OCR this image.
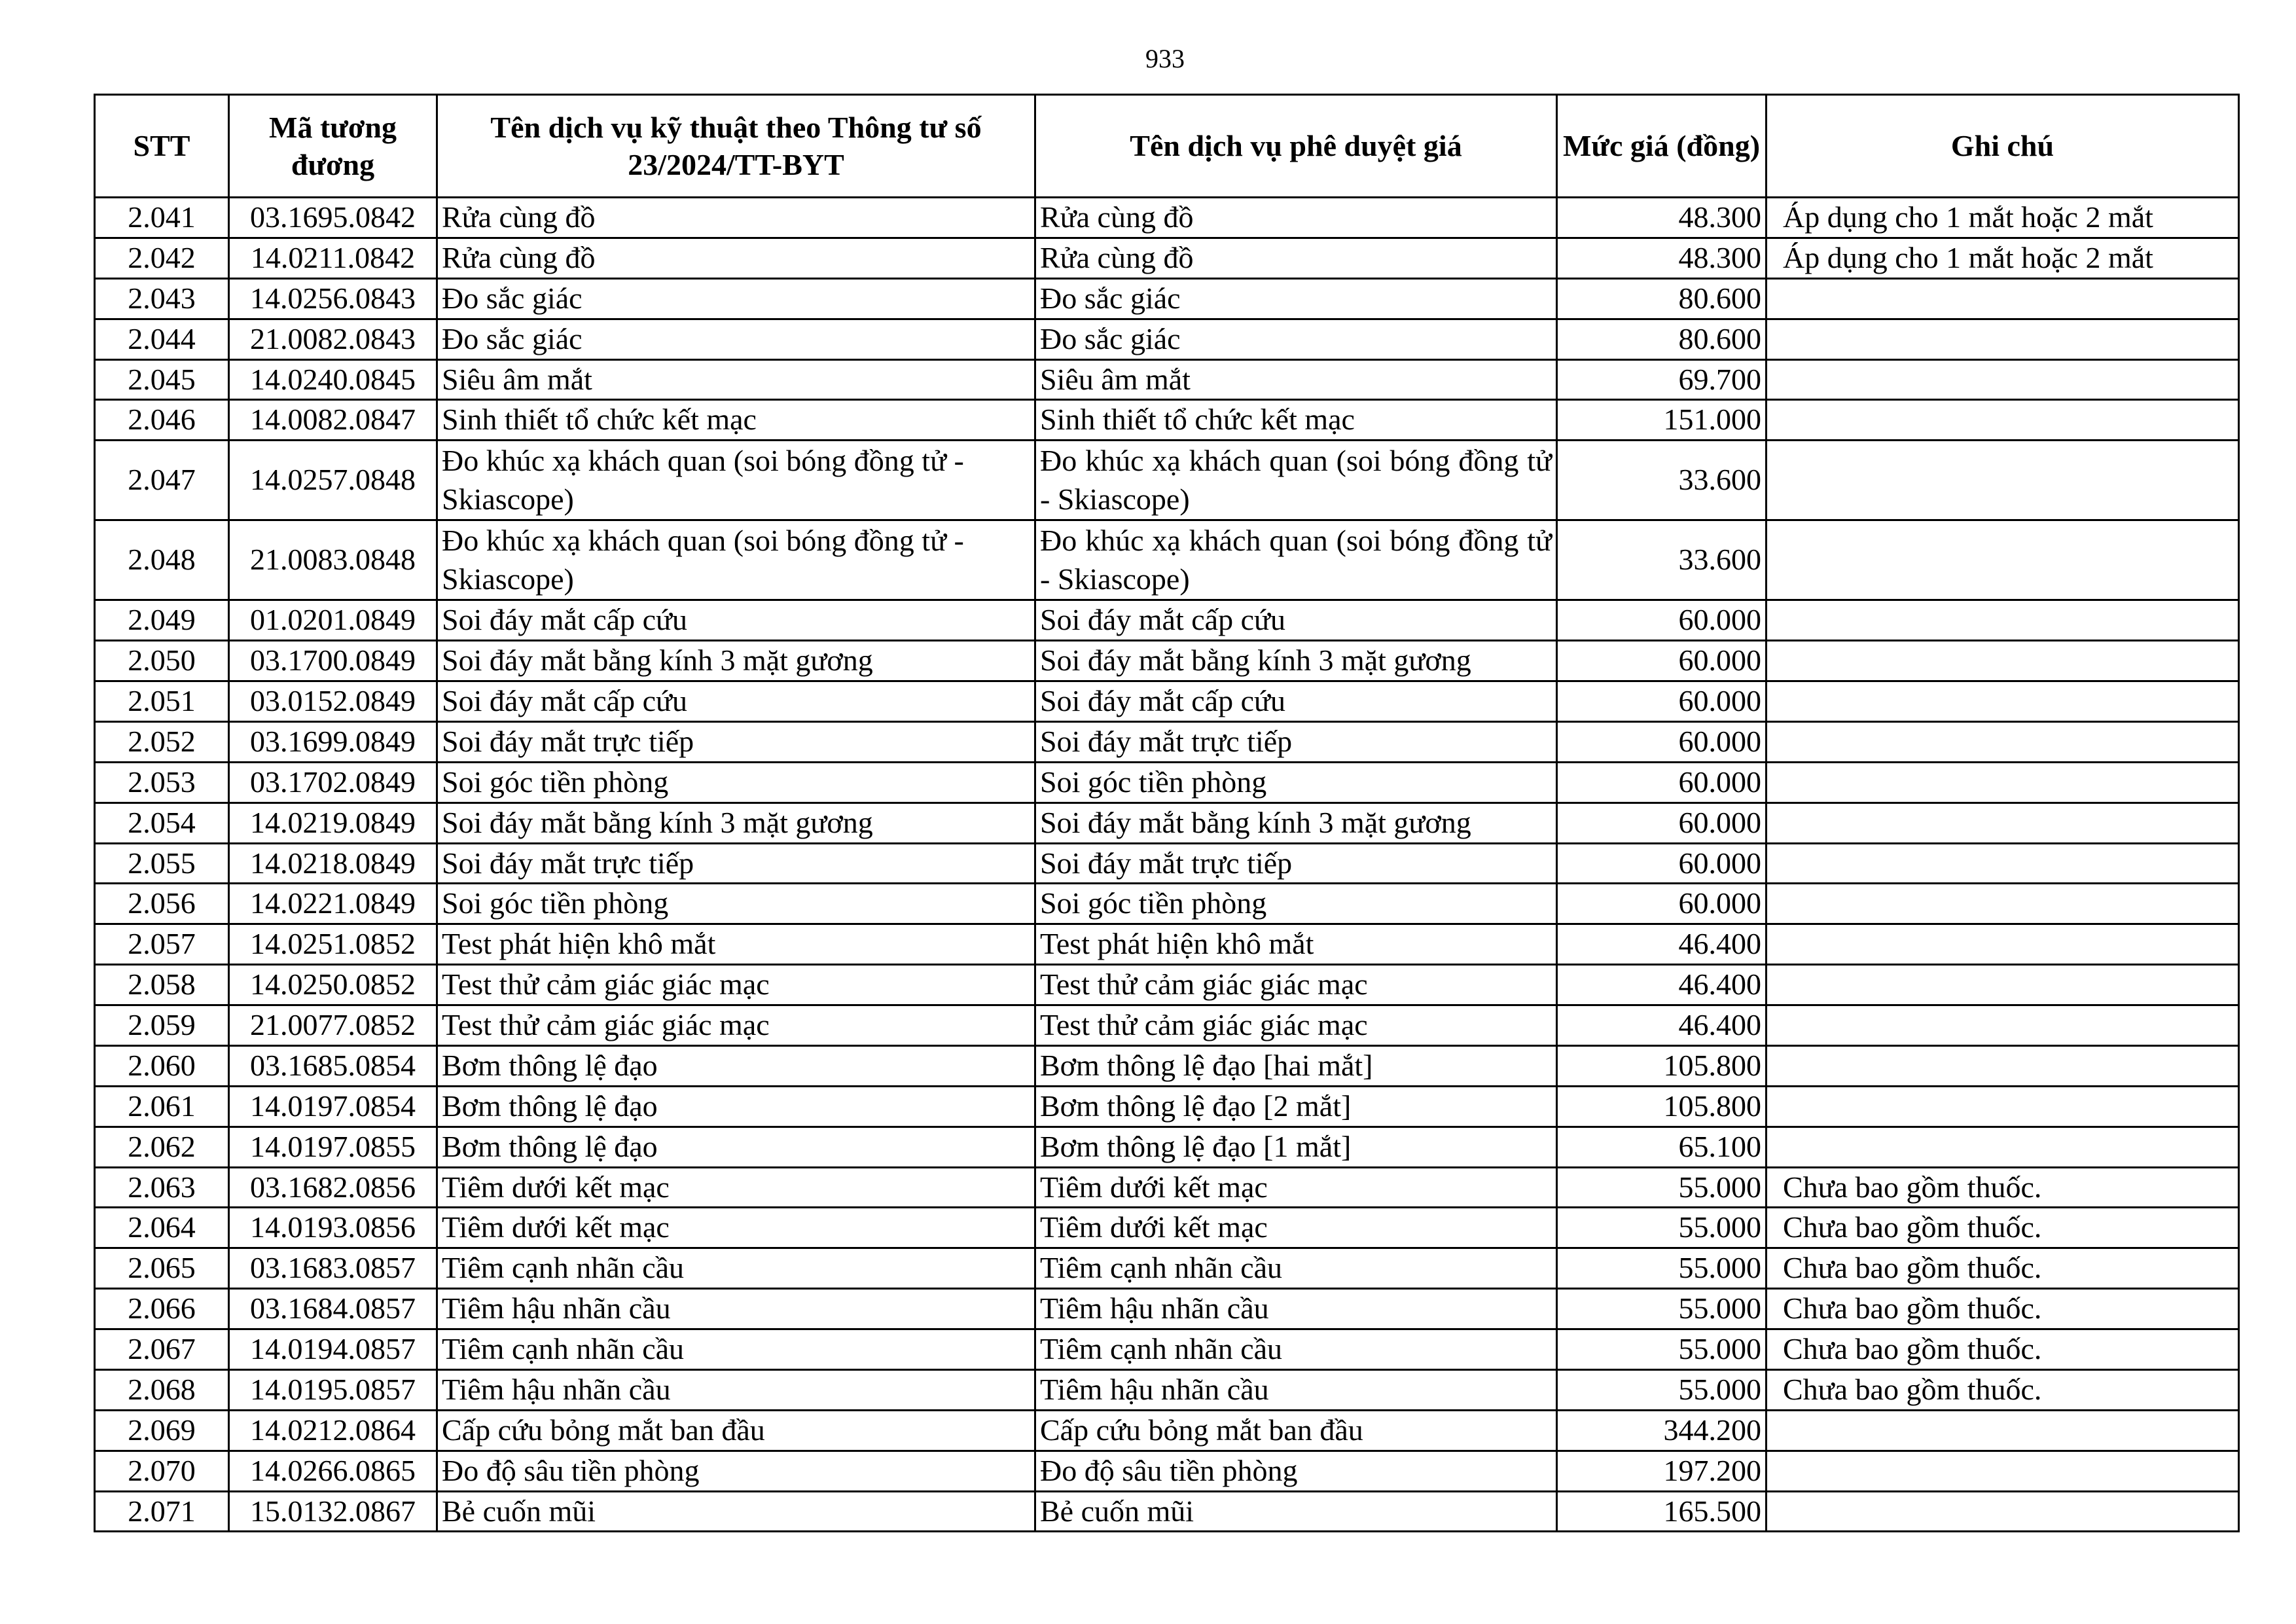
933
STT	Mã tương đương	Tên dịch vụ kỹ thuật theo Thông tư số 23/2024/TT-BYT	Tên dịch vụ phê duyệt giá	Mức giá (đồng)	Ghi chú
2.041	03.1695.0842	Rửa cùng đồ	Rửa cùng đồ	48.300	Áp dụng cho 1 mắt hoặc 2 mắt
2.042	14.0211.0842	Rửa cùng đồ	Rửa cùng đồ	48.300	Áp dụng cho 1 mắt hoặc 2 mắt
2.043	14.0256.0843	Đo sắc giác	Đo sắc giác	80.600	
2.044	21.0082.0843	Đo sắc giác	Đo sắc giác	80.600	
2.045	14.0240.0845	Siêu âm mắt	Siêu âm mắt	69.700	
2.046	14.0082.0847	Sinh thiết tổ chức kết mạc	Sinh thiết tổ chức kết mạc	151.000	
2.047	14.0257.0848	Đo khúc xạ khách quan (soi bóng đồng tử - Skiascope)	Đo khúc xạ khách quan (soi bóng đồng tử - Skiascope)	33.600	
2.048	21.0083.0848	Đo khúc xạ khách quan (soi bóng đồng tử - Skiascope)	Đo khúc xạ khách quan (soi bóng đồng tử - Skiascope)	33.600	
2.049	01.0201.0849	Soi đáy mắt cấp cứu	Soi đáy mắt cấp cứu	60.000	
2.050	03.1700.0849	Soi đáy mắt bằng kính 3 mặt gương	Soi đáy mắt bằng kính 3 mặt gương	60.000	
2.051	03.0152.0849	Soi đáy mắt cấp cứu	Soi đáy mắt cấp cứu	60.000	
2.052	03.1699.0849	Soi đáy mắt trực tiếp	Soi đáy mắt trực tiếp	60.000	
2.053	03.1702.0849	Soi góc tiền phòng	Soi góc tiền phòng	60.000	
2.054	14.0219.0849	Soi đáy mắt bằng kính 3 mặt gương	Soi đáy mắt bằng kính 3 mặt gương	60.000	
2.055	14.0218.0849	Soi đáy mắt trực tiếp	Soi đáy mắt trực tiếp	60.000	
2.056	14.0221.0849	Soi góc tiền phòng	Soi góc tiền phòng	60.000	
2.057	14.0251.0852	Test phát hiện khô mắt	Test phát hiện khô mắt	46.400	
2.058	14.0250.0852	Test thử cảm giác giác mạc	Test thử cảm giác giác mạc	46.400	
2.059	21.0077.0852	Test thử cảm giác giác mạc	Test thử cảm giác giác mạc	46.400	
2.060	03.1685.0854	Bơm thông lệ đạo	Bơm thông lệ đạo [hai mắt]	105.800	
2.061	14.0197.0854	Bơm thông lệ đạo	Bơm thông lệ đạo [2 mắt]	105.800	
2.062	14.0197.0855	Bơm thông lệ đạo	Bơm thông lệ đạo [1 mắt]	65.100	
2.063	03.1682.0856	Tiêm dưới kết mạc	Tiêm dưới kết mạc	55.000	Chưa bao gồm thuốc.
2.064	14.0193.0856	Tiêm dưới kết mạc	Tiêm dưới kết mạc	55.000	Chưa bao gồm thuốc.
2.065	03.1683.0857	Tiêm cạnh nhãn cầu	Tiêm cạnh nhãn cầu	55.000	Chưa bao gồm thuốc.
2.066	03.1684.0857	Tiêm hậu nhãn cầu	Tiêm hậu nhãn cầu	55.000	Chưa bao gồm thuốc.
2.067	14.0194.0857	Tiêm cạnh nhãn cầu	Tiêm cạnh nhãn cầu	55.000	Chưa bao gồm thuốc.
2.068	14.0195.0857	Tiêm hậu nhãn cầu	Tiêm hậu nhãn cầu	55.000	Chưa bao gồm thuốc.
2.069	14.0212.0864	Cấp cứu bỏng mắt ban đầu	Cấp cứu bỏng mắt ban đầu	344.200	
2.070	14.0266.0865	Đo độ sâu tiền phòng	Đo độ sâu tiền phòng	197.200	
2.071	15.0132.0867	Bẻ cuốn mũi	Bẻ cuốn mũi	165.500	
